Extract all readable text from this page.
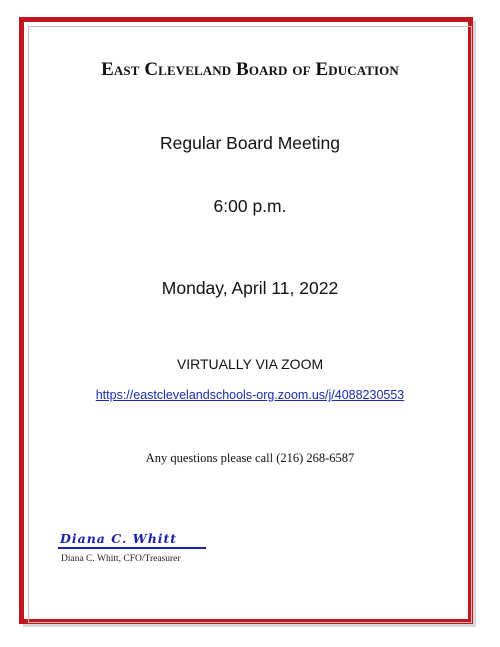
East Cleveland Board of Education
Regular Board Meeting
6:00 p.m.
Monday, April 11, 2022
VIRTUALLY VIA ZOOM
https://eastclevelandschools-org.zoom.us/j/4088230553
Any questions please call (216) 268-6587
Diana C. Whitt
Diana C. Whitt, CFO/Treasurer
